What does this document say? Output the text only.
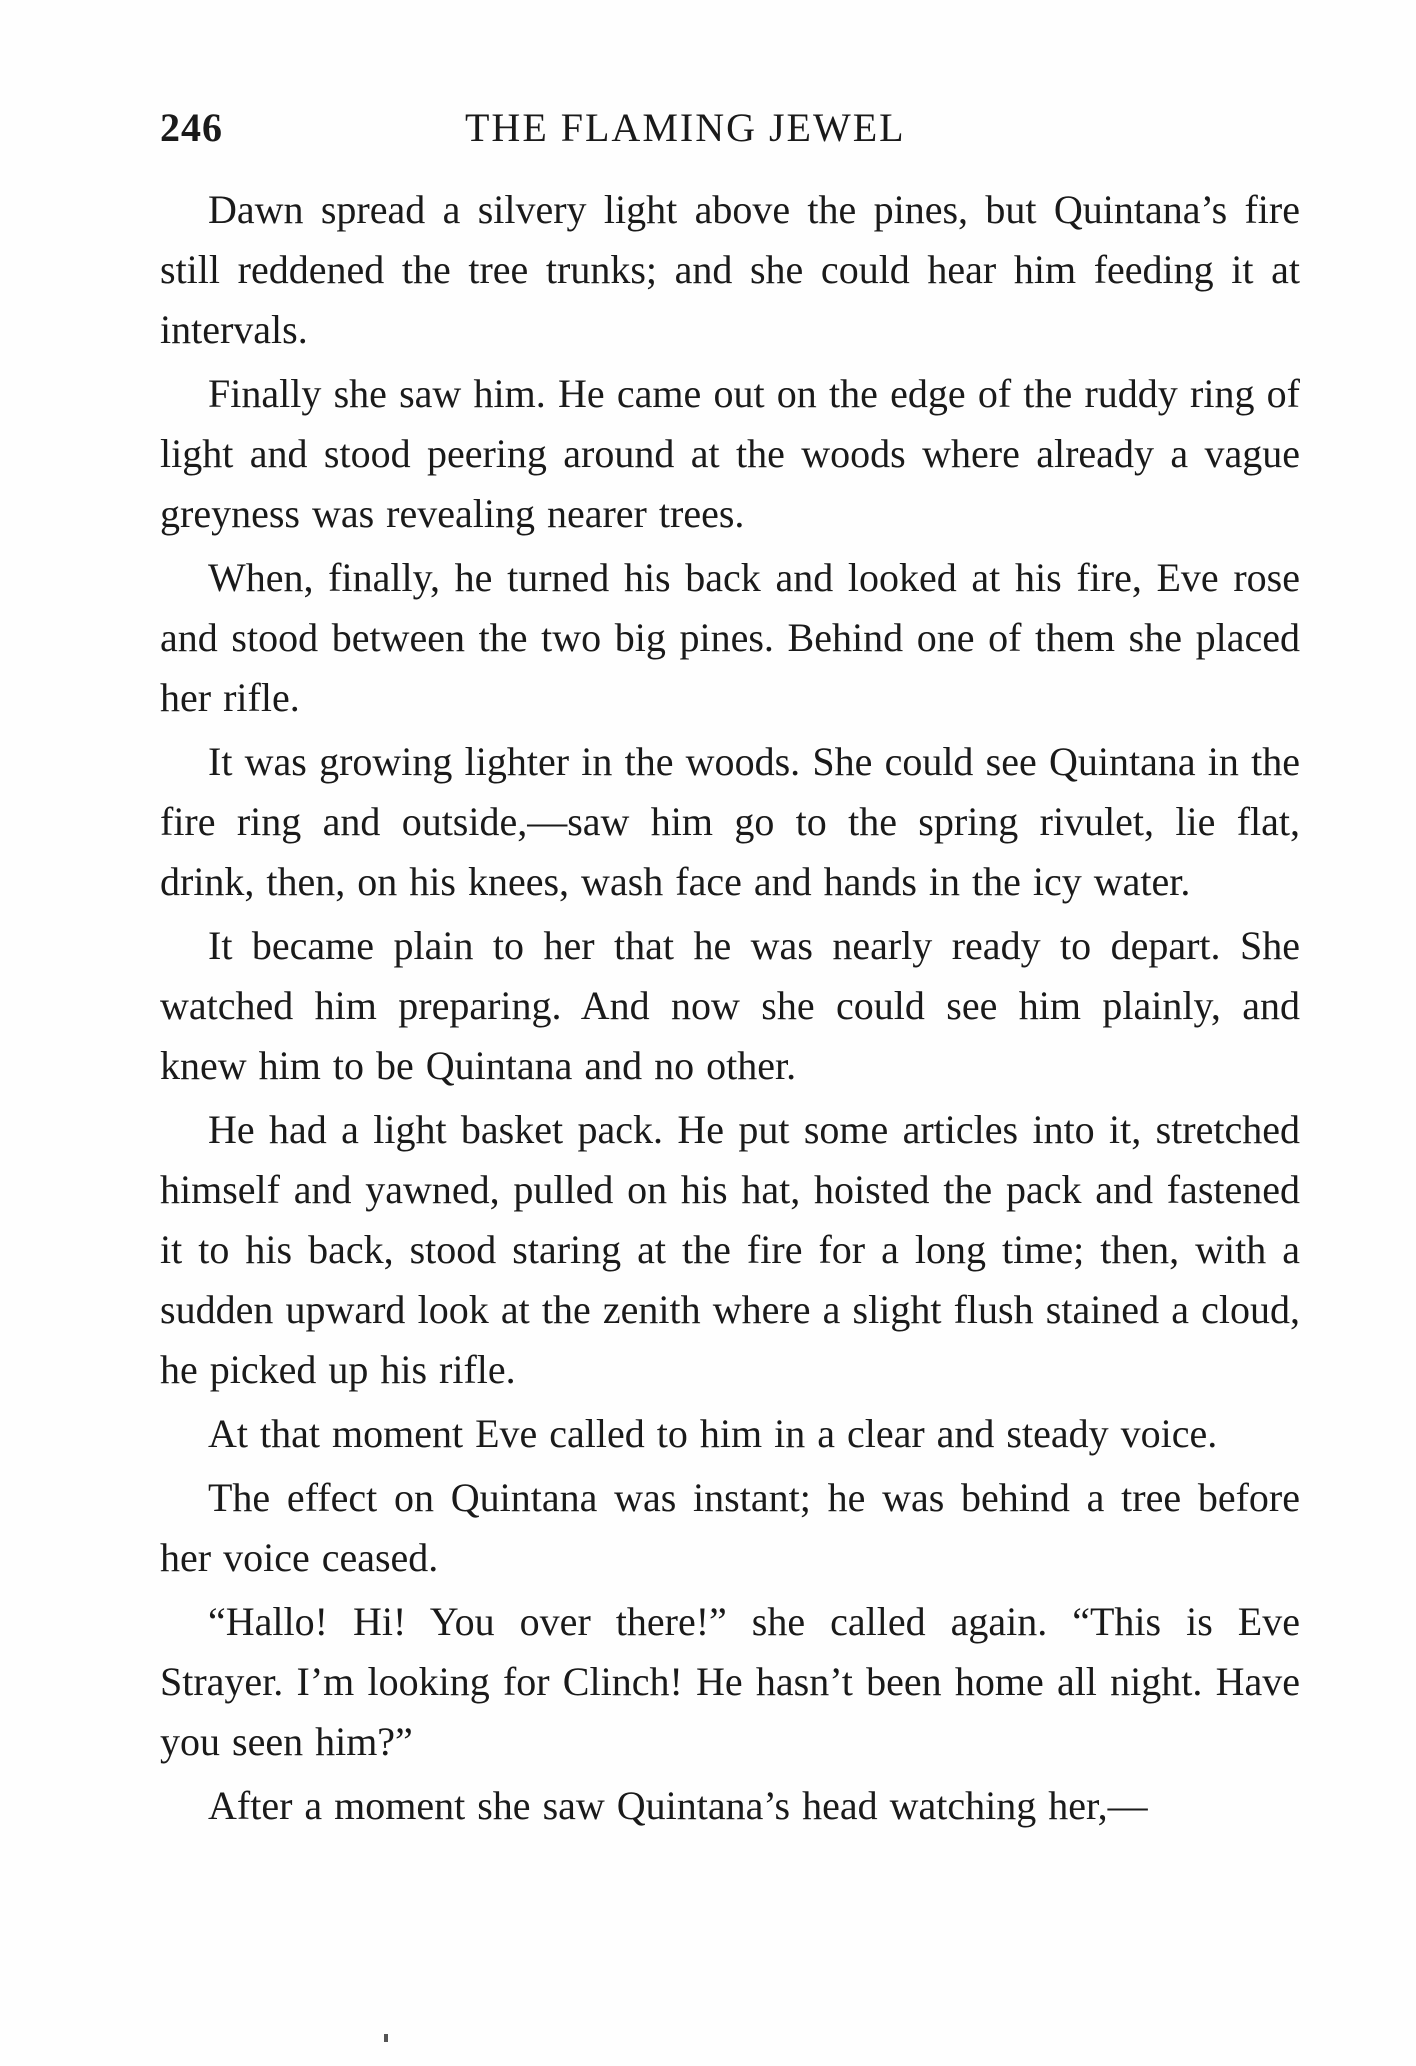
246	THE FLAMING JEWEL

Dawn spread a silvery light above the pines, but Quintana’s fire still reddened the tree trunks; and she could hear him feeding it at intervals.

Finally she saw him. He came out on the edge of the ruddy ring of light and stood peering around at the woods where already a vague greyness was revealing nearer trees.

When, finally, he turned his back and looked at his fire, Eve rose and stood between the two big pines. Behind one of them she placed her rifle.

It was growing lighter in the woods. She could see Quintana in the fire ring and outside,—saw him go to the spring rivulet, lie flat, drink, then, on his knees, wash face and hands in the icy water.

It became plain to her that he was nearly ready to depart. She watched him preparing. And now she could see him plainly, and knew him to be Quintana and no other.

He had a light basket pack. He put some articles into it, stretched himself and yawned, pulled on his hat, hoisted the pack and fastened it to his back, stood staring at the fire for a long time; then, with a sudden upward look at the zenith where a slight flush stained a cloud, he picked up his rifle.

At that moment Eve called to him in a clear and steady voice.

The effect on Quintana was instant; he was behind a tree before her voice ceased.

“Hallo! Hi! You over there!” she called again. “This is Eve Strayer. I’m looking for Clinch! He hasn’t been home all night. Have you seen him?”

After a moment she saw Quintana’s head watching her,—
